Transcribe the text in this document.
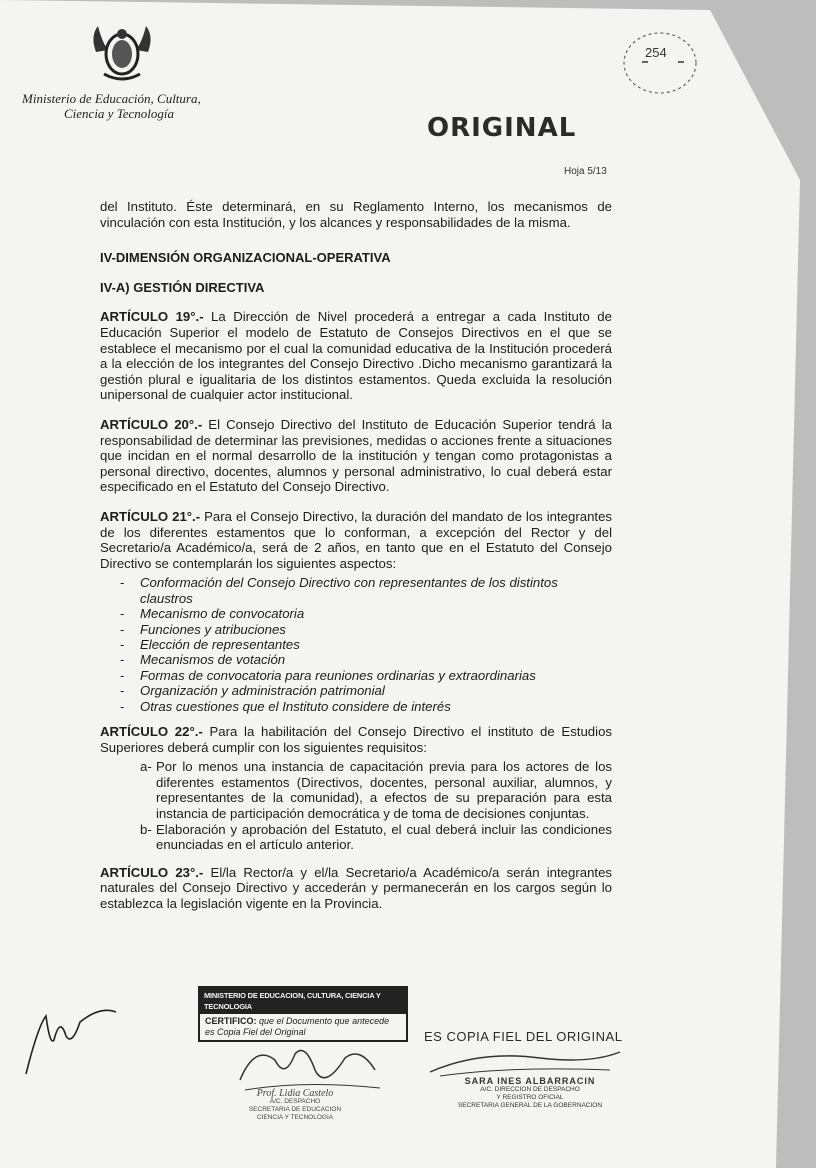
Ministerio de Educación, Cultura,
Ciencia y Tecnología	ORIGINAL
Hoja 5/13
254

del Instituto. Éste determinará, en su Reglamento Interno, los mecanismos de vinculación con esta Institución, y los alcances y responsabilidades de la misma.

IV-DIMENSIÓN ORGANIZACIONAL-OPERATIVA

IV-A) GESTIÓN DIRECTIVA

ARTÍCULO 19°.- La Dirección de Nivel procederá a entregar a cada Instituto de Educación Superior el modelo de Estatuto de Consejos Directivos en el que se establece el mecanismo por el cual la comunidad educativa de la Institución procederá a la elección de los integrantes del Consejo Directivo .Dicho mecanismo garantizará la gestión plural e igualitaria de los distintos estamentos. Queda excluida la resolución unipersonal de cualquier actor institucional.

ARTÍCULO 20°.- El Consejo Directivo del Instituto de Educación Superior tendrá la responsabilidad de determinar las previsiones, medidas o acciones frente a situaciones que incidan en el normal desarrollo de la institución y tengan como protagonistas a personal directivo, docentes, alumnos y personal administrativo, lo cual deberá estar especificado en el Estatuto del Consejo Directivo.

ARTÍCULO 21°.- Para el Consejo Directivo, la duración del mandato de los integrantes de los diferentes estamentos que lo conforman, a excepción del Rector y del Secretario/a Académico/a, será de 2 años, en tanto que en el Estatuto del Consejo Directivo se contemplarán los siguientes aspectos:

- Conformación del Consejo Directivo con representantes de los distintos claustros
- Mecanismo de convocatoria
- Funciones y atribuciones
- Elección de representantes
- Mecanismos de votación
- Formas de convocatoria para reuniones ordinarias y extraordinarias
- Organización y administración patrimonial
- Otras cuestiones que el Instituto considere de interés

ARTÍCULO 22°.- Para la habilitación del Consejo Directivo el instituto de Estudios Superiores deberá cumplir con los siguientes requisitos:

a- Por lo menos una instancia de capacitación previa para los actores de los diferentes estamentos (Directivos, docentes, personal auxiliar, alumnos, y representantes de la comunidad), a efectos de su preparación para esta instancia de participación democrática y de toma de decisiones conjuntas.
b- Elaboración y aprobación del Estatuto, el cual deberá incluir las condiciones enunciadas en el artículo anterior.

ARTÍCULO 23°.- El/la Rector/a y el/la Secretario/a Académico/a serán integrantes naturales del Consejo Directivo y accederán y permanecerán en los cargos según lo establezca la legislación vigente en la Provincia.

MINISTERIO DE EDUCACION, CULTURA, CIENCIA Y TECNOLOGIA
CERTIFICO: que el Documento que antecede es Copia Fiel del Original	ES COPIA FIEL DEL ORIGINAL
SARA INES ALBARRACIN
A/C. DIRECCION DE DESPACHO
Y REGISTRO OFICIAL
SECRETARIA GENERAL DE LA GOBERNACION
Prof. Lidia Castelo
A/C. DESPACHO
SECRETARIA DE EDUCACION
CIENCIA Y TECNOLOGIA
